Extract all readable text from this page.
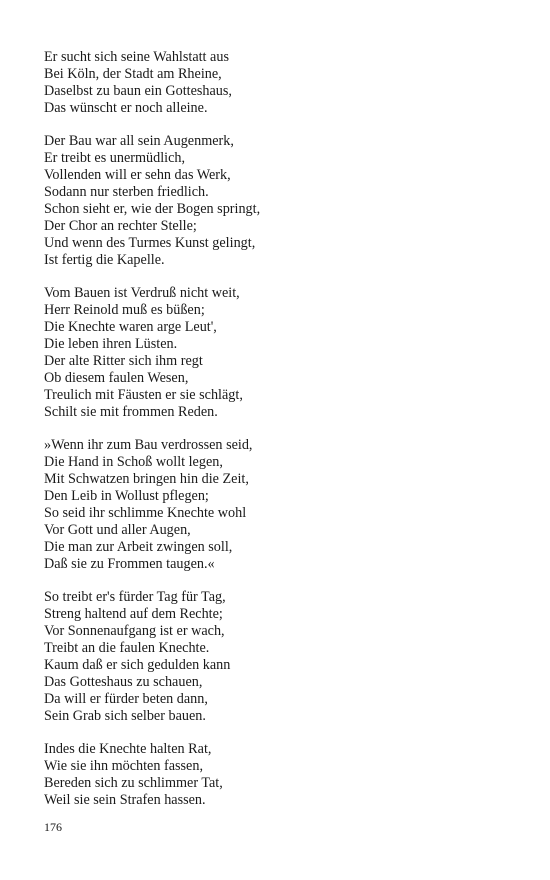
Er sucht sich seine Wahlstatt aus
Bei Köln, der Stadt am Rheine,
Daselbst zu baun ein Gotteshaus,
Das wünscht er noch alleine.
Der Bau war all sein Augenmerk,
Er treibt es unermüdlich,
Vollenden will er sehn das Werk,
Sodann nur sterben friedlich.
Schon sieht er, wie der Bogen springt,
Der Chor an rechter Stelle;
Und wenn des Turmes Kunst gelingt,
Ist fertig die Kapelle.
Vom Bauen ist Verdruß nicht weit,
Herr Reinold muß es büßen;
Die Knechte waren arge Leut',
Die leben ihren Lüsten.
Der alte Ritter sich ihm regt
Ob diesem faulen Wesen,
Treulich mit Fäusten er sie schlägt,
Schilt sie mit frommen Reden.
»Wenn ihr zum Bau verdrossen seid,
Die Hand in Schoß wollt legen,
Mit Schwatzen bringen hin die Zeit,
Den Leib in Wollust pflegen;
So seid ihr schlimme Knechte wohl
Vor Gott und aller Augen,
Die man zur Arbeit zwingen soll,
Daß sie zu Frommen taugen.«
So treibt er's fürder Tag für Tag,
Streng haltend auf dem Rechte;
Vor Sonnenaufgang ist er wach,
Treibt an die faulen Knechte.
Kaum daß er sich gedulden kann
Das Gotteshaus zu schauen,
Da will er fürder beten dann,
Sein Grab sich selber bauen.
Indes die Knechte halten Rat,
Wie sie ihn möchten fassen,
Bereden sich zu schlimmer Tat,
Weil sie sein Strafen hassen.
176
